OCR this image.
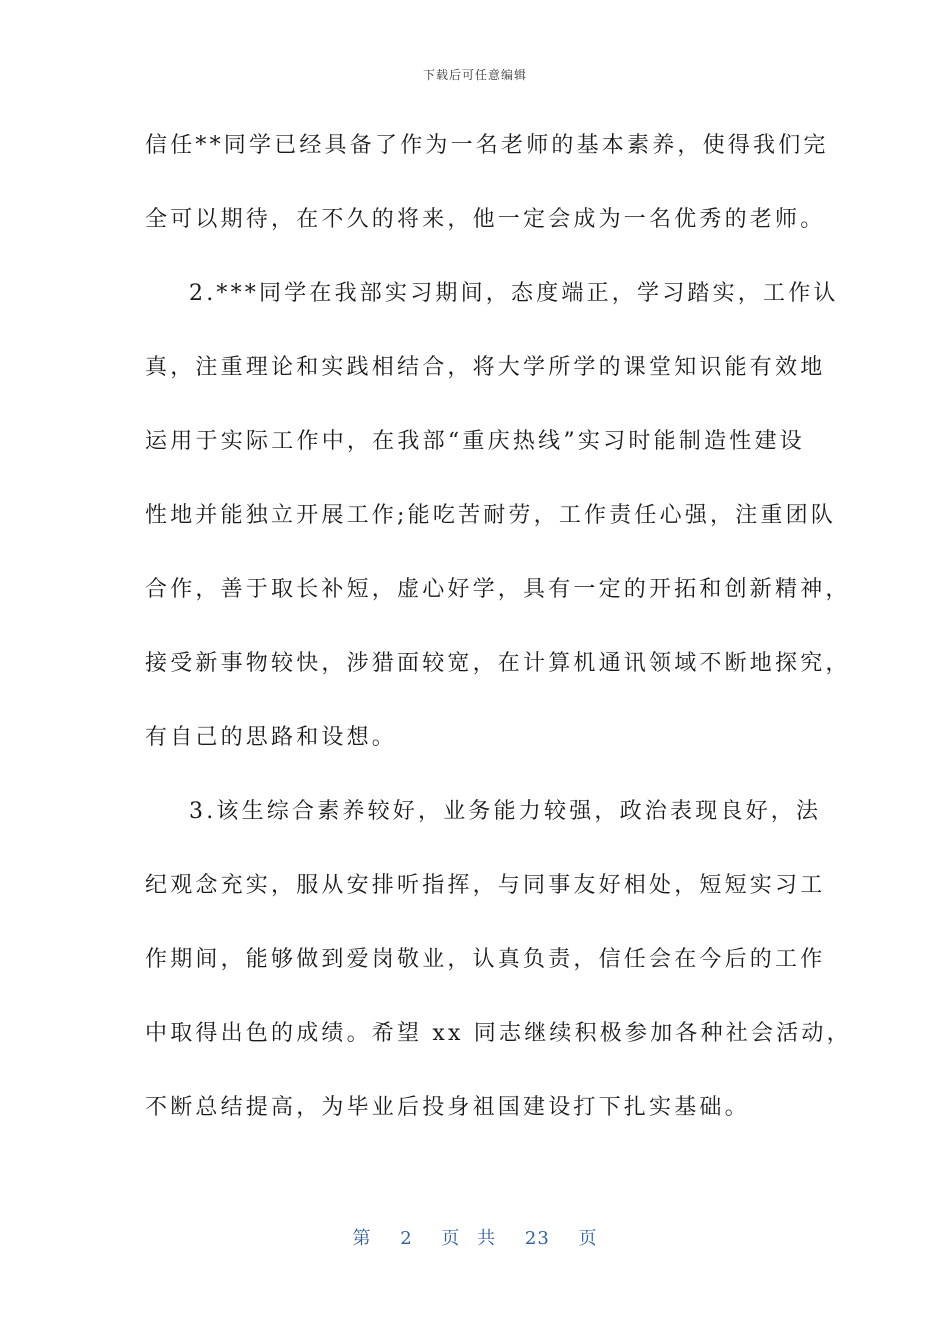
下载后可任意编辑
信任**同学已经具备了作为一名老师的基本素养，使得我们完
全可以期待，在不久的将来，他一定会成为一名优秀的老师。
2.***同学在我部实习期间，态度端正，学习踏实，工作认
真，注重理论和实践相结合，将大学所学的课堂知识能有效地
运用于实际工作中，在我部“重庆热线”实习时能制造性建设
性地并能独立开展工作;能吃苦耐劳，工作责任心强，注重团队
合作，善于取长补短，虚心好学，具有一定的开拓和创新精神，
接受新事物较快，涉猎面较宽，在计算机通讯领域不断地探究，
有自己的思路和设想。
3.该生综合素养较好，业务能力较强，政治表现良好，法
纪观念充实，服从安排听指挥，与同事友好相处，短短实习工
作期间，能够做到爱岗敬业，认真负责，信任会在今后的工作
中取得出色的成绩。希望 xx 同志继续积极参加各种社会活动，
不断总结提高，为毕业后投身祖国建设打下扎实基础。
第 2 页 共 23 页
